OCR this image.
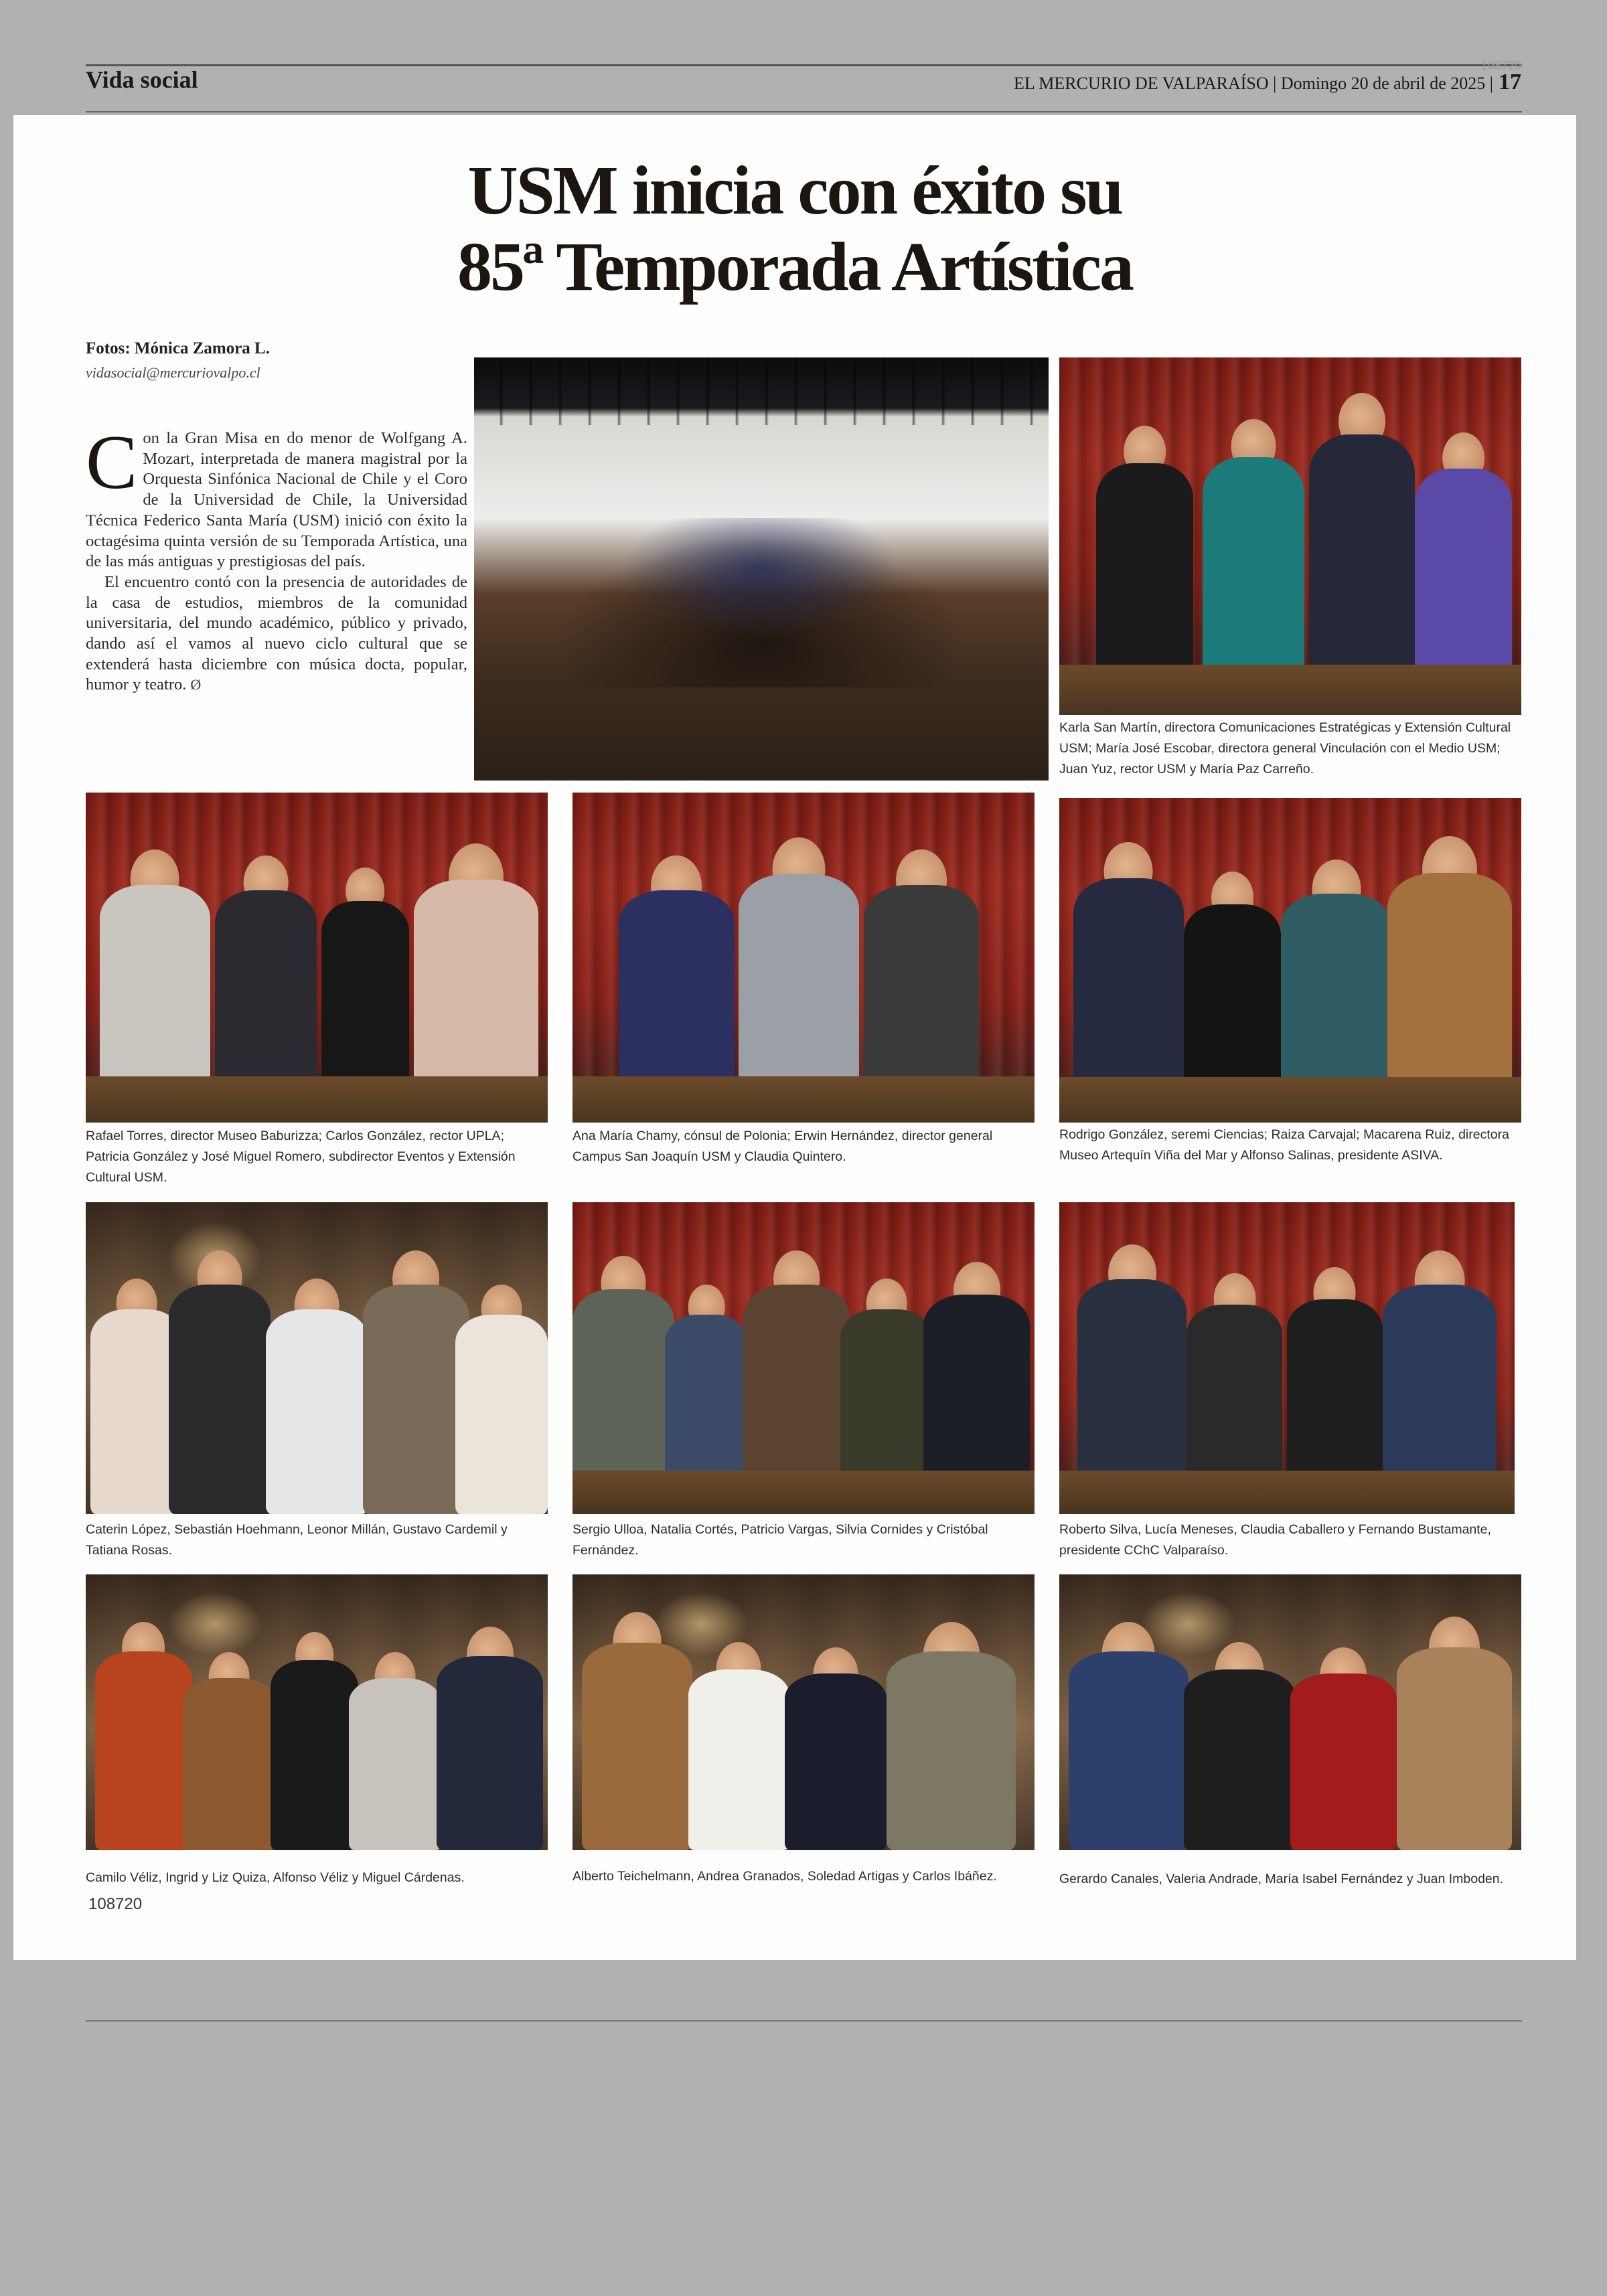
Vida social
108720
EL MERCURIO DE VALPARAÍSO | Domingo 20 de abril de 2025 | 17
USM inicia con éxito su
85ª Temporada Artística
Fotos: Mónica Zamora L.
vidasocial@mercuriovalpo.cl

Con la Gran Misa en do menor de Wolfgang A. Mozart, interpretada de manera magistral por la Orquesta Sinfónica Nacional de Chile y el Coro de la Universidad de Chile, la Universidad Técnica Federico Santa María (USM) inició con éxito la octagésima quinta versión de su Temporada Artística, una de las más antiguas y prestigiosas del país.

El encuentro contó con la presencia de autoridades de la casa de estudios, miembros de la comunidad universitaria, del mundo académico, público y privado, dando así el vamos al nuevo ciclo cultural que se extenderá hasta diciembre con música docta, popular, humor y teatro. Ø

Karla San Martín, directora Comunicaciones Estratégicas y Extensión Cultural USM; María José Escobar, directora general Vinculación con el Medio USM; Juan Yuz, rector USM y María Paz Carreño.
Rafael Torres, director Museo Baburizza; Carlos González, rector UPLA; Patricia González y José Miguel Romero, subdirector Eventos y Extensión Cultural USM.
Ana María Chamy, cónsul de Polonia; Erwin Hernández, director general Campus San Joaquín USM y Claudia Quintero.
Rodrigo González, seremi Ciencias; Raiza Carvajal; Macarena Ruiz, directora Museo Artequín Viña del Mar y Alfonso Salinas, presidente ASIVA.
Caterin López, Sebastián Hoehmann, Leonor Millán, Gustavo Cardemil y Tatiana Rosas.
Sergio Ulloa, Natalia Cortés, Patricio Vargas, Silvia Cornides y Cristóbal Fernández.
Roberto Silva, Lucía Meneses, Claudia Caballero y Fernando Bustamante, presidente CChC Valparaíso.
Camilo Véliz, Ingrid y Liz Quiza, Alfonso Véliz y Miguel Cárdenas.	Alberto Teichelmann, Andrea Granados, Soledad Artigas y Carlos Ibáñez.	Gerardo Canales, Valeria Andrade, María Isabel Fernández y Juan Imboden.
108720
